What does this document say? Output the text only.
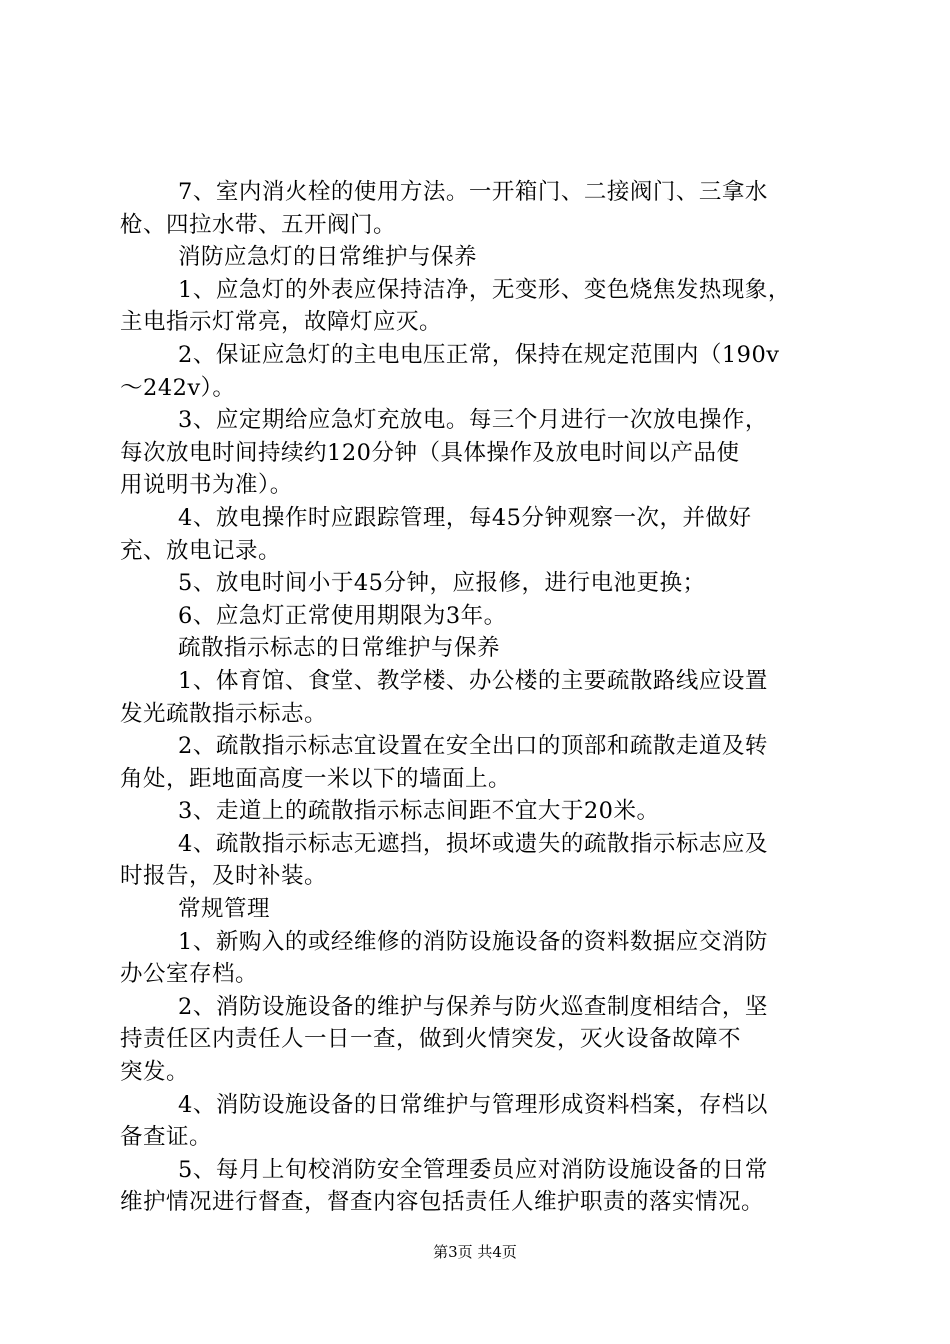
7、室内消火栓的使用方法。一开箱门、二接阀门、三拿水
枪、四拉水带、五开阀门。
消防应急灯的日常维护与保养
1、应急灯的外表应保持洁净，无变形、变色烧焦发热现象，
主电指示灯常亮，故障灯应灭。
2、保证应急灯的主电电压正常，保持在规定范围内（190v
～242v）。
3、应定期给应急灯充放电。每三个月进行一次放电操作，
每次放电时间持续约120分钟（具体操作及放电时间以产品使
用说明书为准）。
4、放电操作时应跟踪管理，每45分钟观察一次，并做好
充、放电记录。
5、放电时间小于45分钟，应报修，进行电池更换；
6、应急灯正常使用期限为3年。
疏散指示标志的日常维护与保养
1、体育馆、食堂、教学楼、办公楼的主要疏散路线应设置
发光疏散指示标志。
2、疏散指示标志宜设置在安全出口的顶部和疏散走道及转
角处，距地面高度一米以下的墙面上。
3、走道上的疏散指示标志间距不宜大于20米。
4、疏散指示标志无遮挡，损坏或遗失的疏散指示标志应及
时报告，及时补装。
常规管理
1、新购入的或经维修的消防设施设备的资料数据应交消防
办公室存档。
2、消防设施设备的维护与保养与防火巡查制度相结合，坚
持责任区内责任人一日一查，做到火情突发，灭火设备故障不
突发。
4、消防设施设备的日常维护与管理形成资料档案，存档以
备查证。
5、每月上旬校消防安全管理委员应对消防设施设备的日常
维护情况进行督查，督查内容包括责任人维护职责的落实情况。
第3页 共4页
